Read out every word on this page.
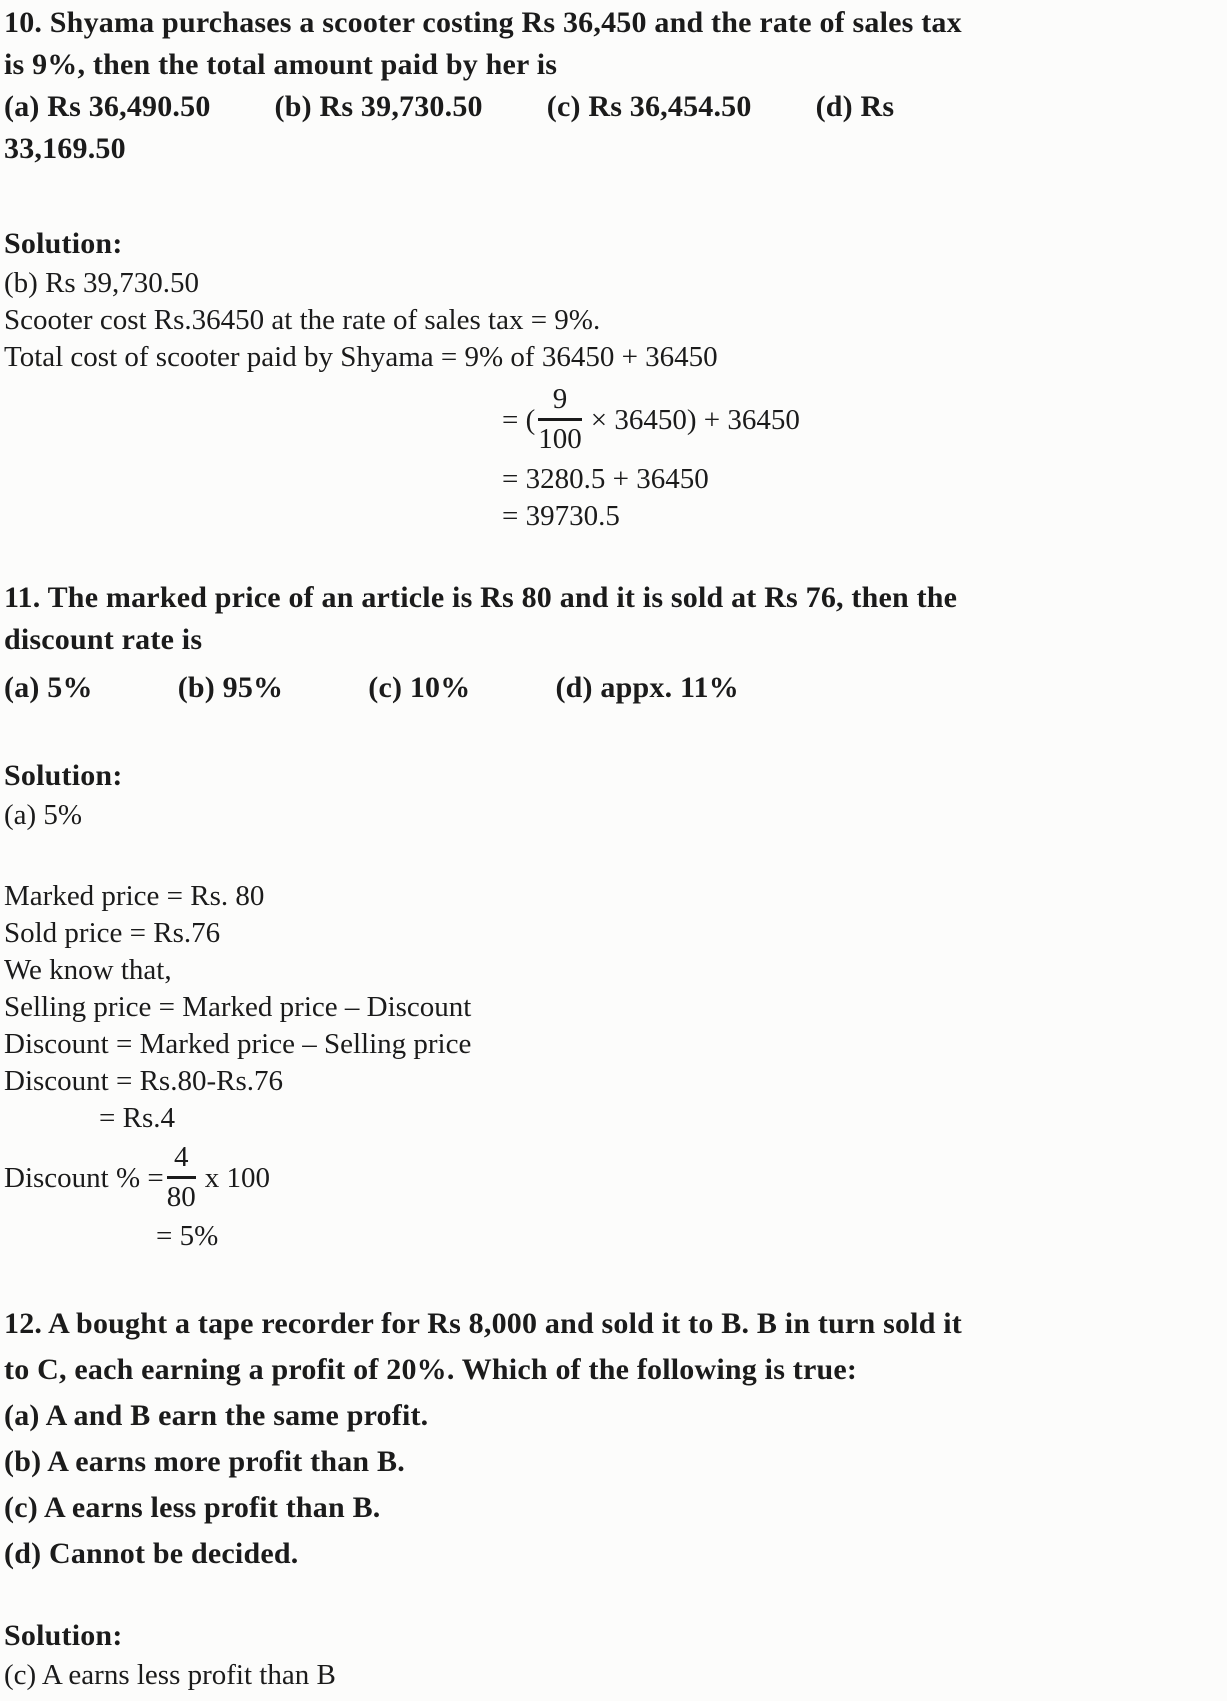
10. Shyama purchases a scooter costing Rs 36,450 and the rate of sales tax

is 9%, then the total amount paid by her is

(a) Rs 36,490.50 (b) Rs 39,730.50 (c) Rs 36,454.50 (d) Rs

33,169.50

Solution:

(b) Rs 39,730.50

Scooter cost Rs.36450 at the rate of sales tax = 9%.

Total cost of scooter paid by Shyama = 9% of 36450 + 36450

= ( $\frac{9}{100} \times 36450) + 36450$

= 3280.5 + 36450

= 39730.5

11. The marked price of an article is Rs 80 and it is sold at Rs 76, then the

discount rate is

(a) 5%	(b) 95%	(c) 10%	(d) appx. 11%
Solution:

(a) 5%

Marked price = Rs. 80

Sold price = Rs.76

We know that,

Selling price = Marked price – Discount

Discount = Marked price – Selling price

Discount = Rs.80-Rs.76

= Rs.4

Discount % = $\frac{4}{80}$ x 100

= 5%

12. A bought a tape recorder for Rs 8,000 and sold it to B. B in turn sold it

to C, each earning a profit of 20%. Which of the following is true:

(a) A and B earn the same profit.

(b) A earns more profit than B.

(c) A earns less profit than B.

(d) Cannot be decided.

Solution:

(c) A earns less profit than B
